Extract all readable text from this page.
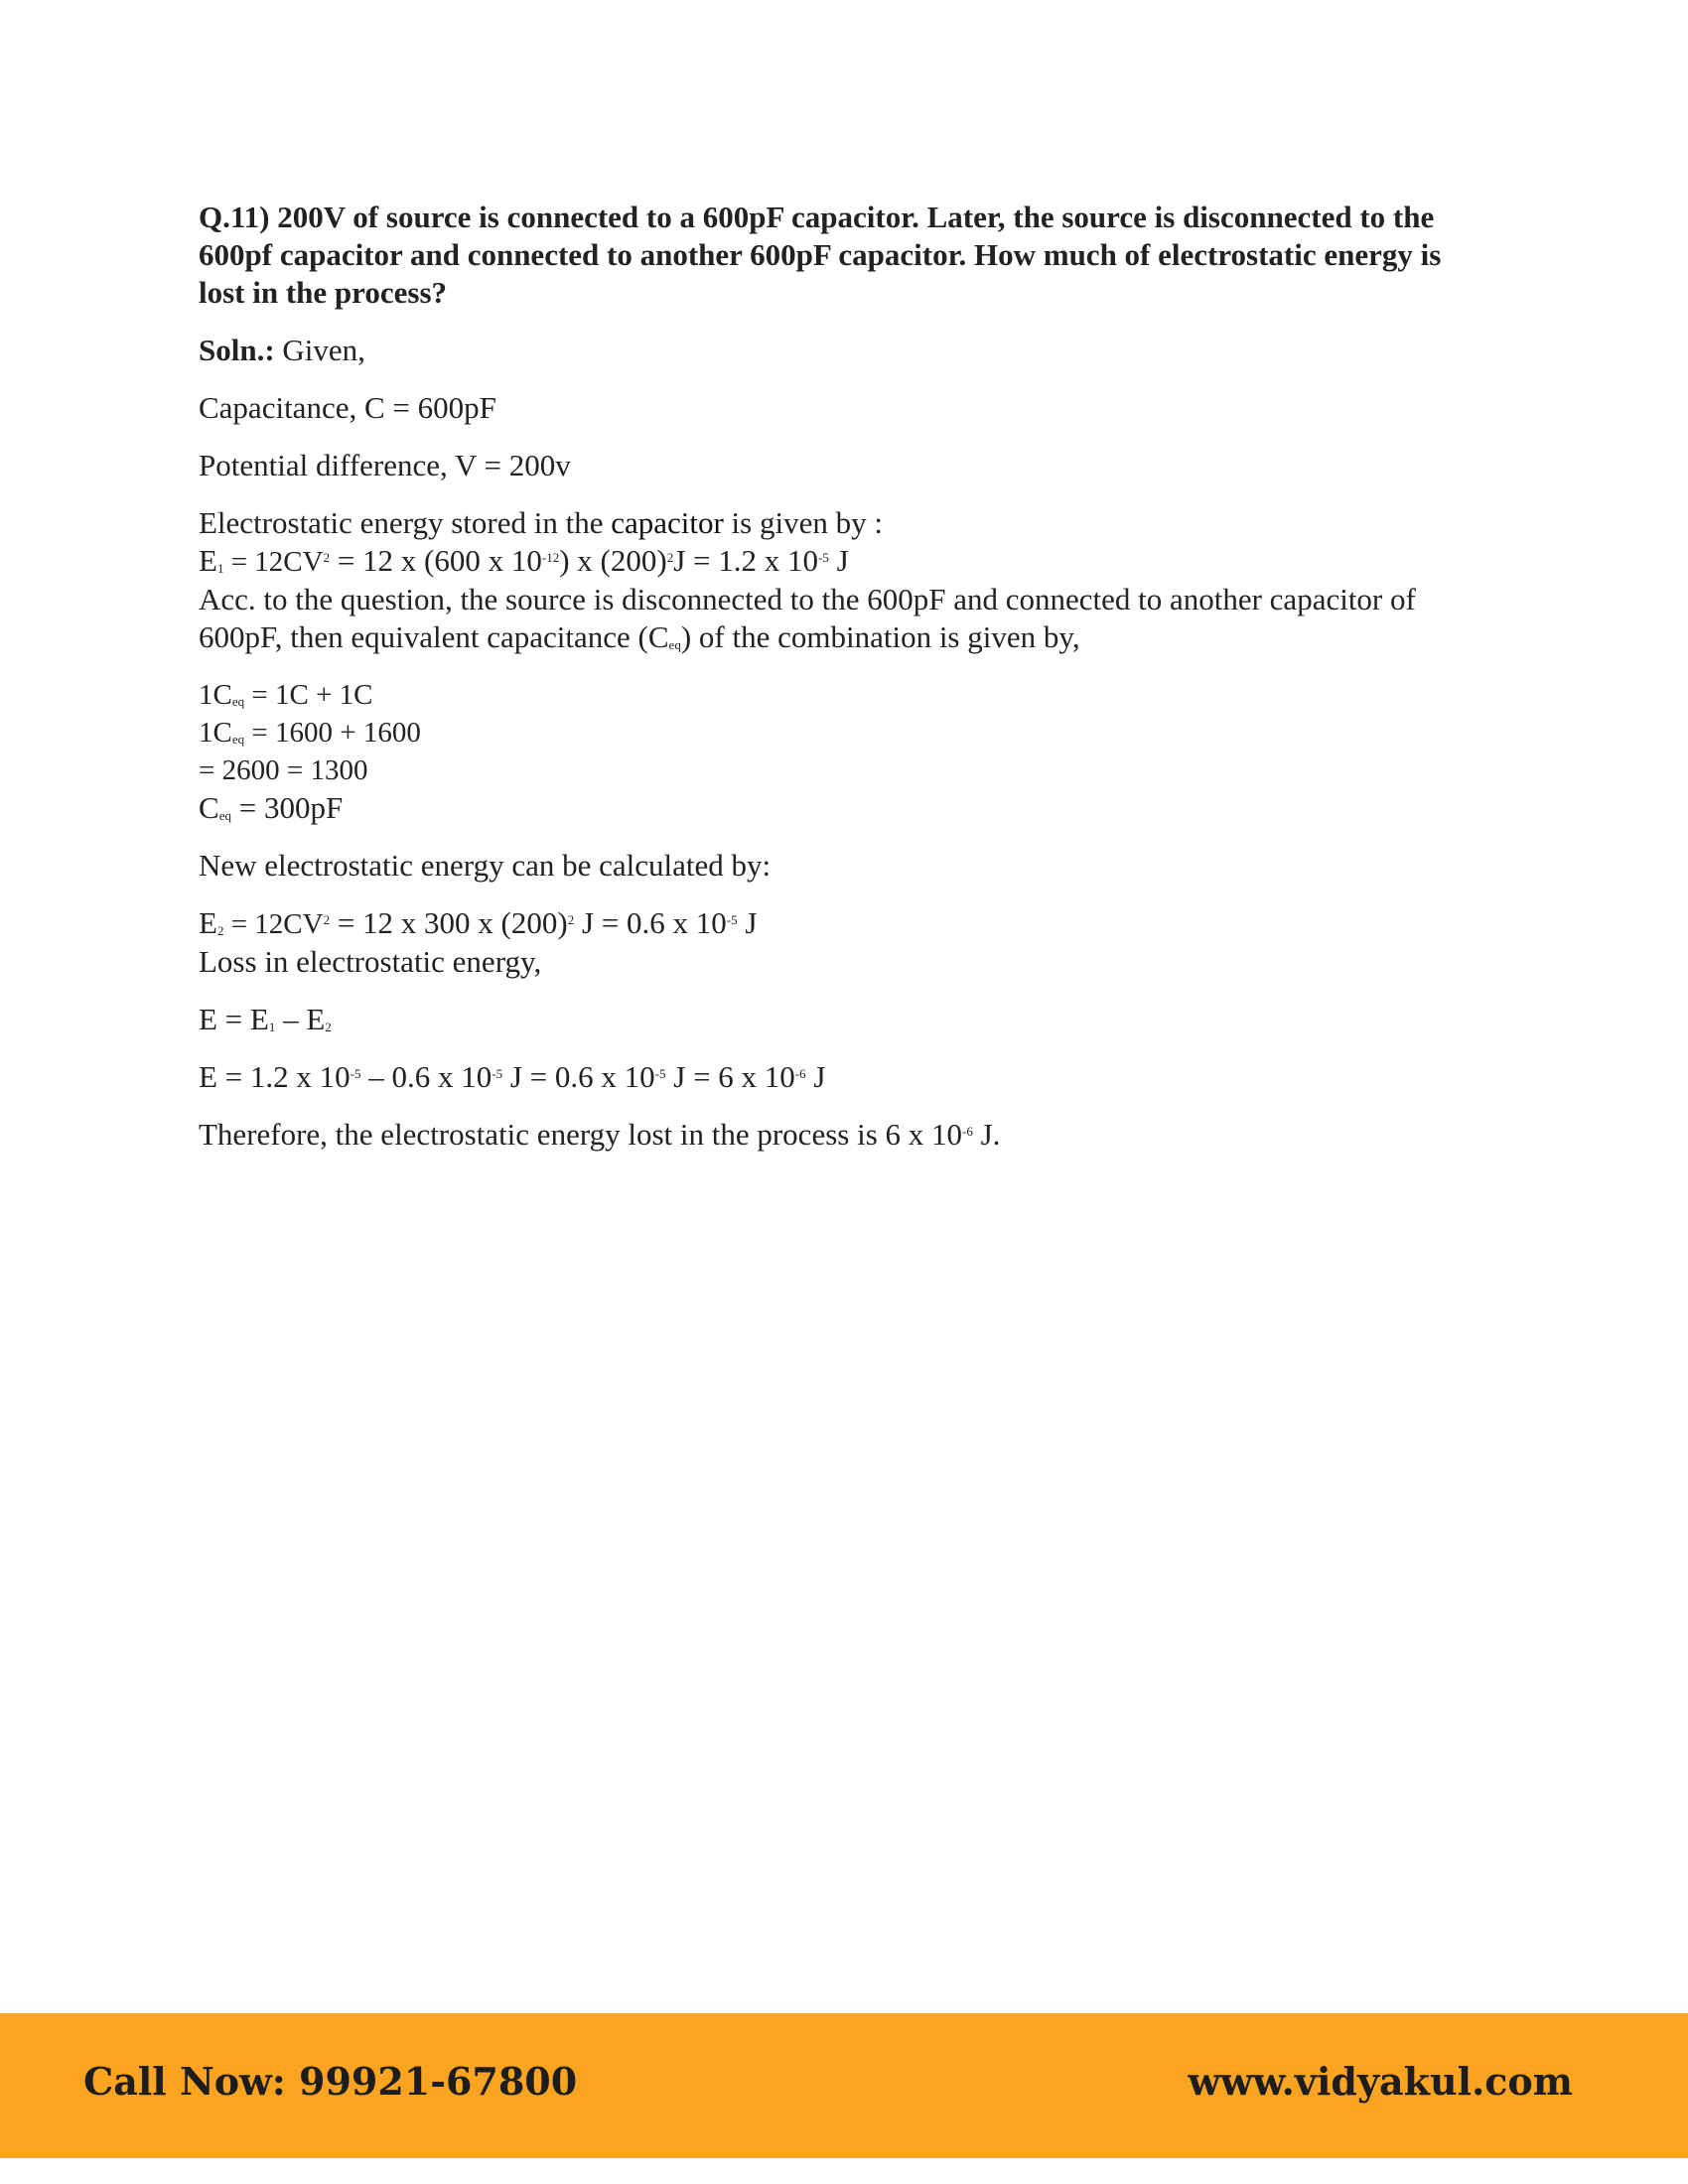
Q.11) 200V of source is connected to a 600pF capacitor. Later, the source is disconnected to the 600pf capacitor and connected to another 600pF capacitor. How much of electrostatic energy is lost in the process?

Soln.: Given,

Capacitance, C = 600pF

Potential difference, V = 200v

Electrostatic energy stored in the capacitor is given by :
$E_1 = 12CV^2 = 12$ x (600 x $10^{-12}$) x $(200)^2J = 1.2$ x $10^{-5}$ J
Acc. to the question, the source is disconnected to the 600pF and connected to another capacitor of 600pF, then equivalent capacitance $(C_{eq})$ of the combination is given by,
$1C_{eq} = 1C + 1C$
$1C_{eq} = 1600 + 1600$
= 2600 = 1300
$C_{eq} = 300pF$

New electrostatic energy can be calculated by:

$E_2 = 12CV^2 = 12$ x 300 x $(200)^2$ J = 0.6 x $10^{-5}$ J
Loss in electrostatic energy,

$E = E_1 - E_2$

E = 1.2 x $10^{-5} - 0.6$ x $10^{-5}$ J = 0.6 x $10^{-5}$ J = 6 x $10^{-6}$ J

Therefore, the electrostatic energy lost in the process is 6 x $10^{-6}$ J.

Call Now: 99921-67800	www.vidyakul.com
